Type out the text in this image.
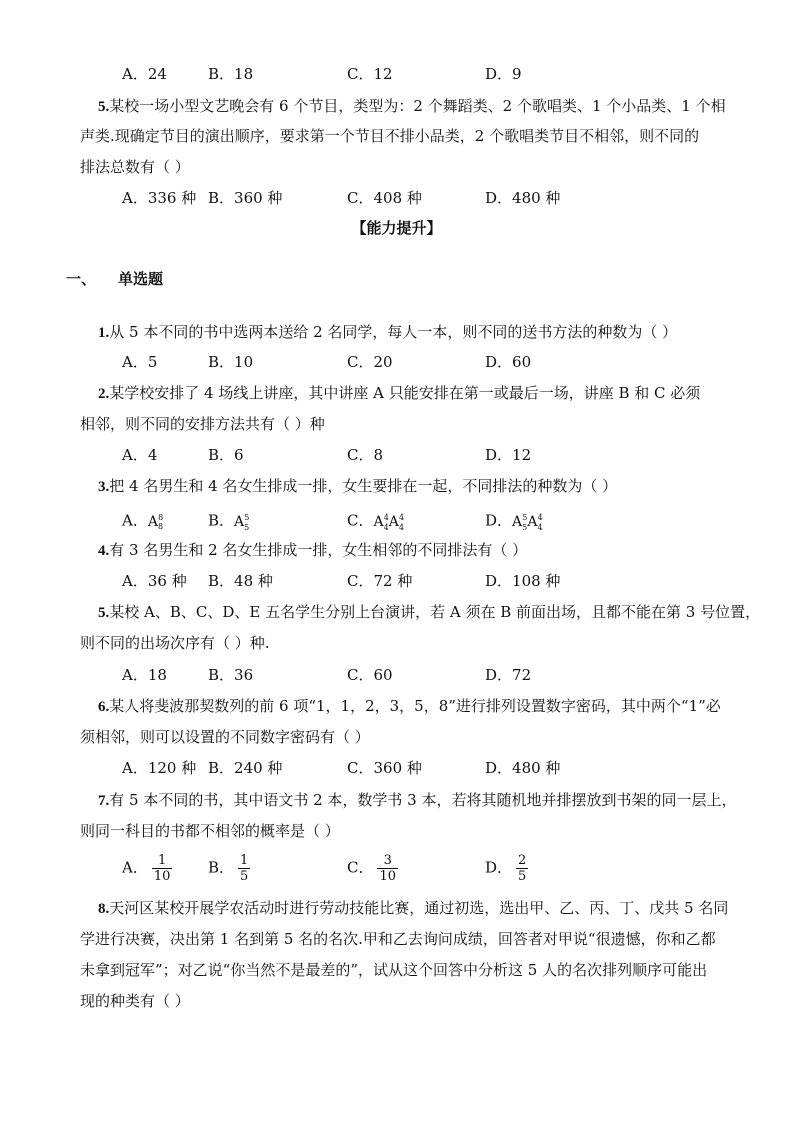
A．24	B．18	C．12	D．9
5.某校一场小型文艺晚会有 6 个节目，类型为：2 个舞蹈类、2 个歌唱类、1 个小品类、1 个相
声类.现确定节目的演出顺序，要求第一个节目不排小品类，2 个歌唱类节目不相邻，则不同的
排法总数有（ ）
A．336 种 B．360 种	C．408 种	D．480 种
【能力提升】
一、 单选题
1.从 5 本不同的书中选两本送给 2 名同学，每人一本，则不同的送书方法的种数为（ ）
A．5	B．10	C．20	D．60
2.某学校安排了 4 场线上讲座，其中讲座 A 只能安排在第一或最后一场，讲座 B 和 C 必须
相邻，则不同的安排方法共有（ ）种
A．4	B．6	C．8	D．12
3.把 4 名男生和 4 名女生排成一排，女生要排在一起，不同排法的种数为（ ）
A．$A_8^8$	B．$A_5^5$	C．$A_4^4A_4^4$	D．$A_5^5A_4^4$
4.有 3 名男生和 2 名女生排成一排，女生相邻的不同排法有（ ）
A．36 种 B．48 种	C．72 种	D．108 种
5.某校 A、B、C、D、E 五名学生分别上台演讲，若 A 须在 B 前面出场，且都不能在第 3 号位置，
则不同的出场次序有（ ）种.
A．18	B．36	C．60	D．72
6.某人将斐波那契数列的前 6 项“1，1，2，3，5，8”进行排列设置数字密码，其中两个“1”必
须相邻，则可以设置的不同数字密码有（ ）
A．120 种 B．240 种	C．360 种	D．480 种
7.有 5 本不同的书，其中语文书 2 本，数学书 3 本，若将其随机地并排摆放到书架的同一层上，
则同一科目的书都不相邻的概率是（ ）
A． $\frac{1}{10}$ B． $\frac{1}{5}$	C． $\frac{3}{10}$	D． $\frac{2}{5}$
8.天河区某校开展学农活动时进行劳动技能比赛，通过初选，选出甲、乙、丙、丁、戊共 5 名同
学进行决赛，决出第 1 名到第 5 名的名次.甲和乙去询问成绩，回答者对甲说“很遗憾，你和乙都
未拿到冠军”；对乙说“你当然不是最差的”，试从这个回答中分析这 5 人的名次排列顺序可能出
现的种类有（ ）
